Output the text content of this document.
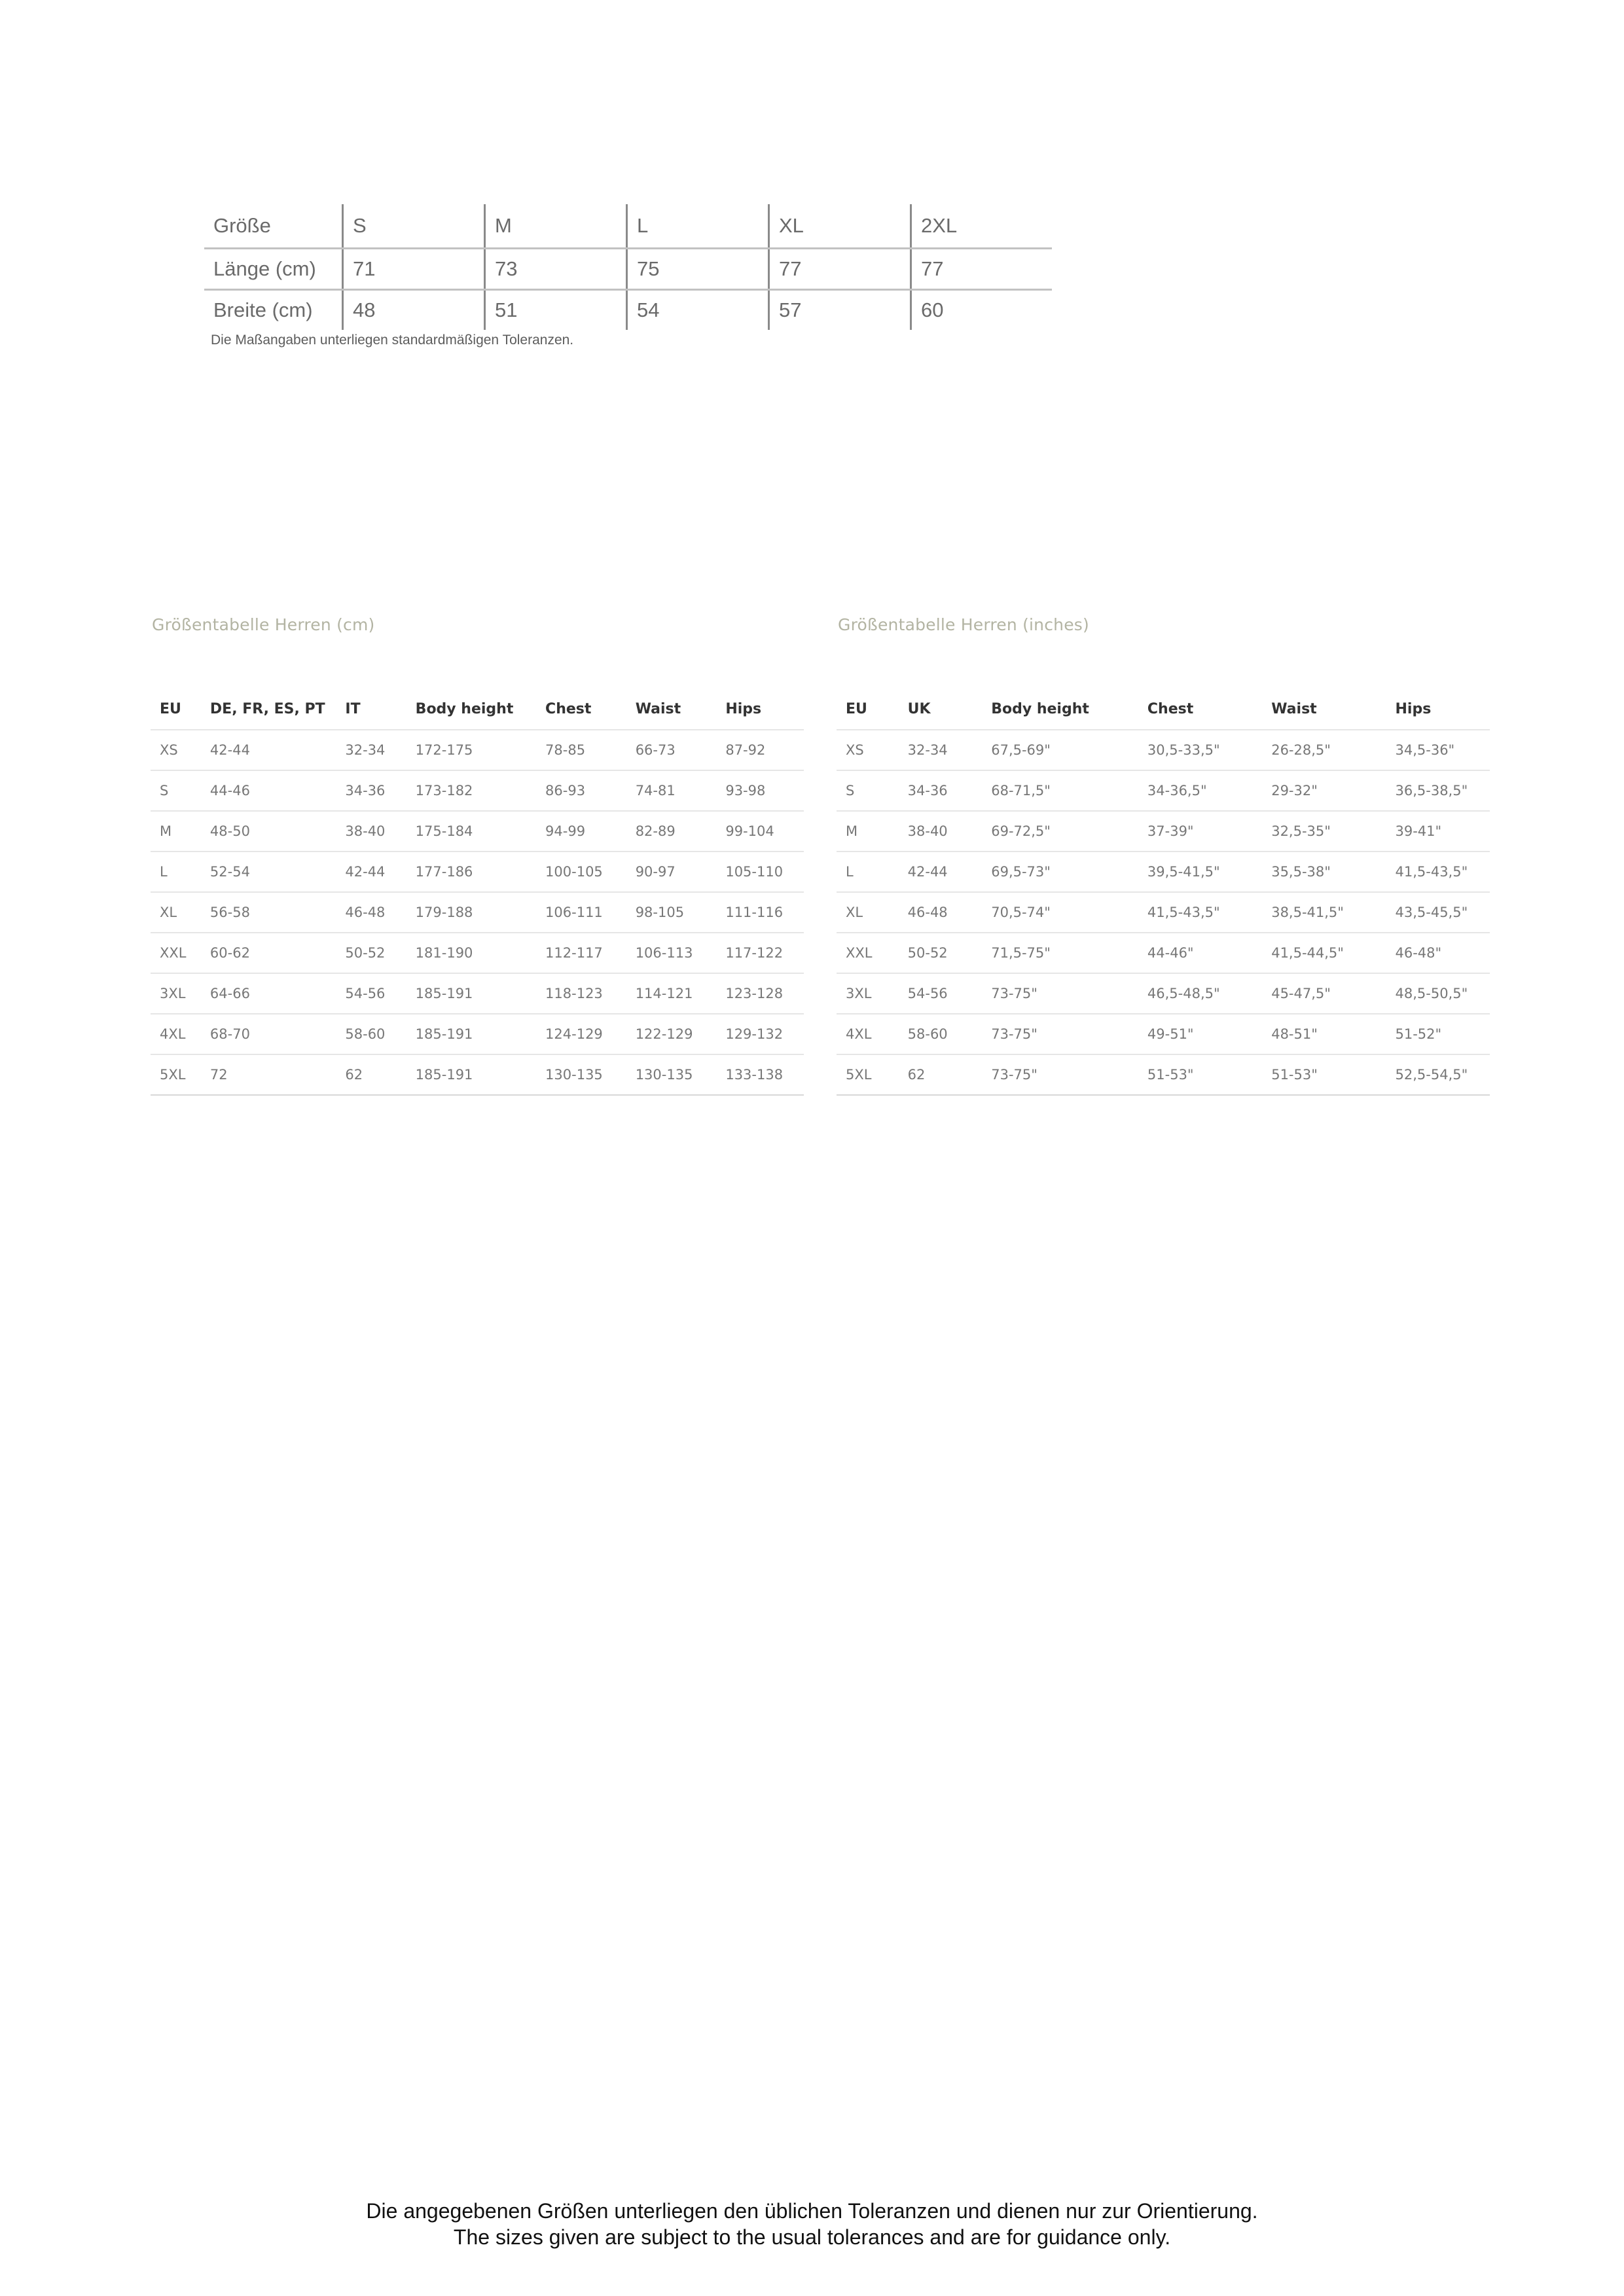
Größe	S	M	L	XL	2XL
Länge (cm)	71	73	75	77	77
Breite (cm)	48	51	54	57	60
Die Maßangaben unterliegen standardmäßigen Toleranzen.
Größentabelle Herren (cm)
EU	DE, FR, ES, PT	IT	Body height	Chest	Waist	Hips
XS	42-44	32-34	172-175	78-85	66-73	87-92
S	44-46	34-36	173-182	86-93	74-81	93-98
M	48-50	38-40	175-184	94-99	82-89	99-104
L	52-54	42-44	177-186	100-105	90-97	105-110
XL	56-58	46-48	179-188	106-111	98-105	111-116
XXL	60-62	50-52	181-190	112-117	106-113	117-122
3XL	64-66	54-56	185-191	118-123	114-121	123-128
4XL	68-70	58-60	185-191	124-129	122-129	129-132
5XL	72	62	185-191	130-135	130-135	133-138
Größentabelle Herren (inches)
EU	UK	Body height	Chest	Waist	Hips
XS	32-34	67,5-69"	30,5-33,5"	26-28,5"	34,5-36"
S	34-36	68-71,5"	34-36,5"	29-32"	36,5-38,5"
M	38-40	69-72,5"	37-39"	32,5-35"	39-41"
L	42-44	69,5-73"	39,5-41,5"	35,5-38"	41,5-43,5"
XL	46-48	70,5-74"	41,5-43,5"	38,5-41,5"	43,5-45,5"
XXL	50-52	71,5-75"	44-46"	41,5-44,5"	46-48"
3XL	54-56	73-75"	46,5-48,5"	45-47,5"	48,5-50,5"
4XL	58-60	73-75"	49-51"	48-51"	51-52"
5XL	62	73-75"	51-53"	51-53"	52,5-54,5"
Die angegebenen Größen unterliegen den üblichen Toleranzen und dienen nur zur Orientierung.
The sizes given are subject to the usual tolerances and are for guidance only.
